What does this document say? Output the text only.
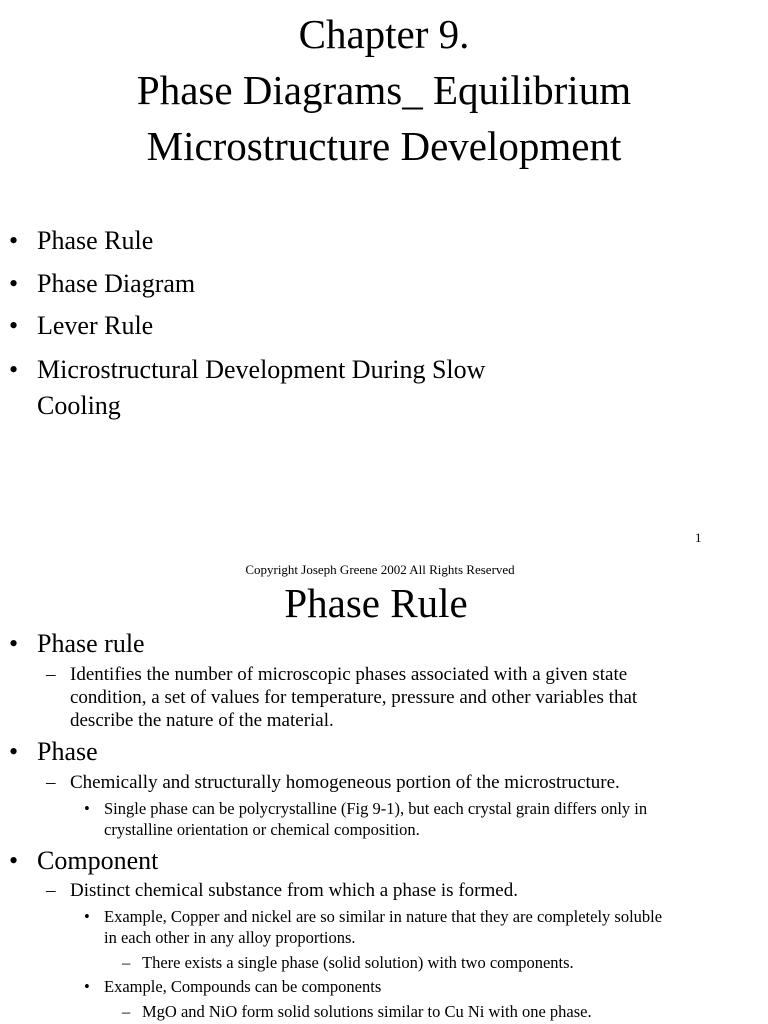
Chapter 9.
Phase Diagrams_ Equilibrium
Microstructure Development
• Phase Rule
• Phase Diagram
• Lever Rule
• Microstructural Development During Slow
Cooling
1
Copyright Joseph Greene 2002 All Rights Reserved
Phase Rule
• Phase rule
– Identifies the number of microscopic phases associated with a given state
condition, a set of values for temperature, pressure and other variables that
describe the nature of the material.
• Phase
– Chemically and structurally homogeneous portion of the microstructure.
• Single phase can be polycrystalline (Fig 9-1), but each crystal grain differs only in
crystalline orientation or chemical composition.
• Component
– Distinct chemical substance from which a phase is formed.
• Example, Copper and nickel are so similar in nature that they are completely soluble
in each other in any alloy proportions.
– There exists a single phase (solid solution) with two components.
• Example, Compounds can be components
– MgO and NiO form solid solutions similar to Cu Ni with one phase.
